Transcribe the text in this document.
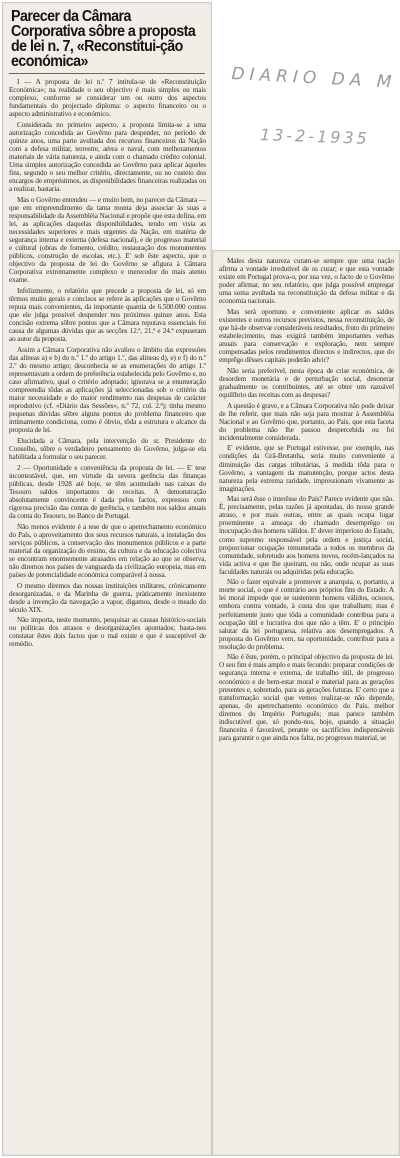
Parecer da Câmara Corporativa sôbre a proposta de lei n. 7, «Reconstitui-ção económica»

I — A proposta de lei n.º 7 intitula-se de «Reconstituição Económica»; na realidade o seu objectivo é mais simples ou mais complexo, conforme se considerar um ou outro dos aspectos fundamentais do projectado diploma: o aspecto financeiro ou o aspecto administrativo e económico.

Considerada no primeiro aspecto, a proposta limita-se a uma autorização concedida ao Govêrno para despender, no período de quinze anos, uma parte avultada dos recursos financeiros da Nação com a defesa militar, terrestre, aérea e naval, com melhoramentos materiais de vária natureza, e ainda com o chamado crédito colonial. Uma simples autorização concedida ao Govêrno para aplicar àqueles fins, segundo o seu melhor critério, directamente, ou no custeio dos encargos de empréstimos, as disponibilidades financeiras realizadas ou a realizar, bastaria.

Mas o Govêrno entendeu — e muito bem, no parecer da Câmara — que em empreendimento da tanta monta deja associar às suas a responsabilidade da Assembléia Nacional e propõe que esta defina, em lei, as aplicações daquelas disponibilidades, tendo em vista as necessidades superiores e mais urgentes da Nação, em matéria de segurança interna e externa (defesa nacional), e de progresso material e cultural (obras de fomento, crédito, restauração dos monumentos públicos, construção de escolas, etc.). E' sob êste aspecto, que o objectivo da proposta de lei do Govêrno se afigura à Câmara Corporativa extremamente complexo e merecedor do mais atento exame.

Infelizmente, o relatório que precede a proposta de lei, só em têrmos muito gerais e concisos se refere às aplicações que o Govêrno reputa mais convenientes, da importante quantia de 6.500.000 contos que ele julga possível despender nos próximos quinze anos. Esta concisão extrema sôbre pontos que a Câmara reputava essenciais foi causa de algumas dúvidas que as secções 12.ª, 21.ª e 24.ª expuseram ao autor da proposta.

Assim a Câmara Corporativa não avaliou o âmbito das expressões das alíneas a) e b) do n.º 1.º do artigo 1.º, das alíneas d), e) e f) do n.º 2.º do mesmo artigo; desconhecia se as enumerações do artigo 1.º representavam a ordem de preferência estabelecida pelo Govêrno e, no caso afirmativo, qual o critério adoptado; ignorava se a enumeração compreendia tôdas as aplicações já seleccionadas sob o critério da maior necessidade e do maior rendimento nas despesas de carácter reprodutivo (cf. «Diário das Sessões», n.º 72, col. 2.ª); tinha mesmo pequenas dúvidas sôbre alguns pontos do problema financeiro que intimamente condiciona, como é óbvio, tôda a estrutura e alcance da proposta de lei.

Elucidada a Câmara, pela intervenção do sr. Presidente do Conselho, sôbre o verdadeiro pensamento do Govêrno, julga-se ela habilitada a formular o seu parecer.

2 — Oportunidade e conveniência da proposta de lei. — E' tese incontestável, que, em virtude da severa gerência das finanças públicas, desde 1928 até hoje, se têm acumulado nas caixas do Tesouro saldos importantes de receitas. A demonstração absolutamente convincente é dada pelos factos, expressos com rigorosa precisão das contas de gerência, e também nos saldos anuais da conta do Tesouro, no Banco de Portugal.

Não menos evidente é a tese de que o apetrechamento económico do País, o aproveitamento dos seus recursos naturais, a instalação dos serviços públicos, a conservação dos monumentos públicos e a parte material da organização do ensino, da cultura e da educação colectiva se encontram enormemente atrasados em relação ao que se observa, não diremos nos países de vanguarda da civilização europeia, mas em países de potencialidade económica comparável à nossa.

O mesmo diremos das nossas instituições militares, crònicamente desorganizadas, e da Marinha de guerra, pràticamente inexistente desde a invenção da navegação a vapor, digamos, desde o meado do século XIX.

Não importa, neste momento, pesquisar as causas histórico-sociais ou políticas dos atrasos e desorganizações apontados; basta-nos constatar êstes dois factos que o mal existe e que é susceptível de remédio.

DIARIO DA M
13-2-1935

Males desta natureza curam-se sempre que uma nação afirma a vontade irredutível de os curar; e que esta vontade existe em Portugal prova-o, por sua vez, o facto de o Govêrno poder afirmar, no seu relatório, que julga possível empregar uma soma avultada na reconstituição da defesa militar e da economia nacionais.

Mas será oportuno e conveniente aplicar os saldos existentes e outros recursos previstos, nessa reconstituição, de que há-de observar consideráveis resultados, fruto do primeiro estabelecimento, mas exigirá também importantes verbas anuais para conservação e exploração, nem sempre compensadas pelos rendimentos directos e indirectos, que do emprêgo dêsses capitais poderão advir?

Não seria preferível, nesta época de crise económica, de desordem monetária e de perturbação social, desonerar gradualmente os contribuintes, até se obter um razoável equilíbrio das receitas com as despesas?

A questão é grave, e a Câmara Corporativa não pode deixar de lhe referir, que mais não seja para mostrar à Assembléia Nacional e ao Govêrno que, portanto, ao País, que esta faceta do problema não lhe passou despercebida ou foi incidentalmente considerada.

E' evidente, que se Portugal estivesse, por exemplo, nas condições da Grã-Bretanha, seria muito conveniente a diminuição das cargas tributárias, à medida tôda para o Govêrno, a vantagem da manutenção, porque actos desta natureza pela extrema raridade, impressionam vivamente as imaginações.

Mas será êsse o interêsse do País? Parece evidente que não. É, precisamente, pelas razões já apontadas, do nosso grande atraso, e por mais outras, entre as quais ocupa lugar proeminente a ameaça do chamado desemprêgo ou inocupação dos homens válidos. E' dever imperioso do Estado, como supremo responsável pela ordem e justiça social, proporcionar ocupação remunerada a todos os membros da comunidade, sobretudo aos homens novos, recém-lançados na vida activa e que lhe queiram, ou não, onde ocupar as suas faculdades naturais ou adquiridas pela educação.

Não o fazer equivale a promover a anarquia, e, portanto, a morte social, o que é contrário aos próprios fins do Estado. A lei moral impede que se sustentem homens válidos, ociosos, embora contra vontade, à custa dos que trabalham; mas é perfeitamente justo que tôda a comunidade contribua para a ocupação útil e lucrativa dos que não a têm. E' o princípio salutar da lei portuguesa, relativa aos desempregados. A proposta do Govêrno vem, na oportunidade, contribuir para a resolução do problema.

Não é êste, porém, o principal objectivo da proposta de lei. O seu fim é mais amplo e mais fecundo: preparar condições de segurança interna e externa, de trabalho útil, de progresso económico e de bem-estar moral e material para as gerações presentes e, sobretudo, para as gerações futuras. E' certo que a transformação social que vemos realizar-se não depende, apenas, do apetrechamento económico do País, melhor diremos do Império Português; mas parece também indiscutível que, só pondo-nos, hoje, quando a situação financeira é favorável, perante os sacrifícios indispensáveis para garantir o que ainda nos falta, no progresso material, se
